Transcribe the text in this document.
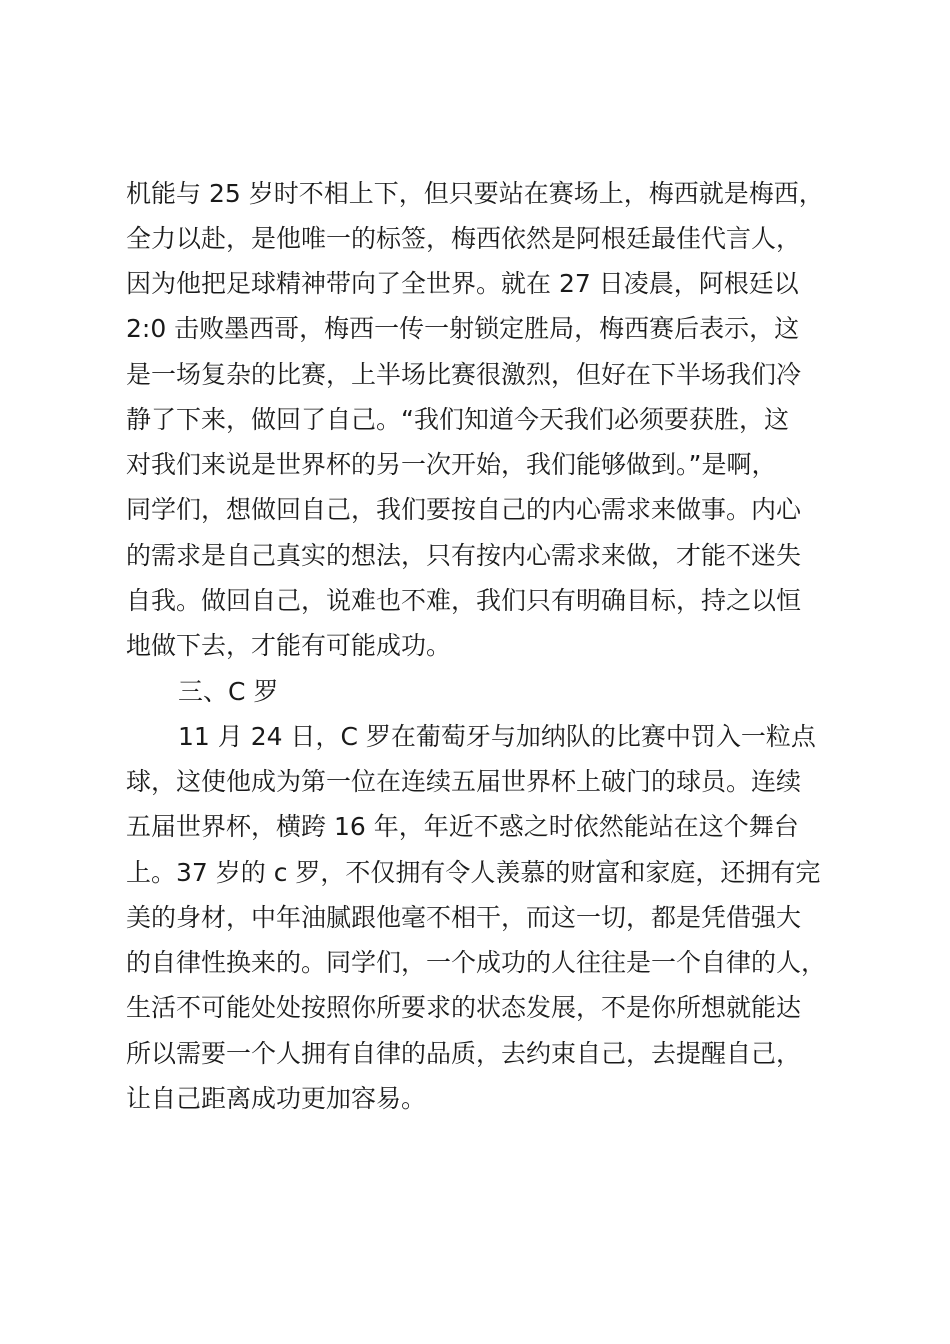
机能与 25 岁时不相上下，但只要站在赛场上，梅西就是梅西，
全力以赴，是他唯一的标签，梅西依然是阿根廷最佳代言人，
因为他把足球精神带向了全世界。就在 27 日凌晨，阿根廷以
2:0 击败墨西哥，梅西一传一射锁定胜局，梅西赛后表示，这
是一场复杂的比赛，上半场比赛很激烈，但好在下半场我们冷
静了下来，做回了自己。“我们知道今天我们必须要获胜，这
对我们来说是世界杯的另一次开始，我们能够做到。”是啊，
同学们，想做回自己，我们要按自己的内心需求来做事。内心
的需求是自己真实的想法，只有按内心需求来做，才能不迷失
自我。做回自己，说难也不难，我们只有明确目标，持之以恒
地做下去，才能有可能成功。
三、C 罗
11 月 24 日，C 罗在葡萄牙与加纳队的比赛中罚入一粒点
球，这使他成为第一位在连续五届世界杯上破门的球员。连续
五届世界杯，横跨 16 年，年近不惑之时依然能站在这个舞台
上。37 岁的 c 罗，不仅拥有令人羡慕的财富和家庭，还拥有完
美的身材，中年油腻跟他毫不相干，而这一切，都是凭借强大
的自律性换来的。同学们，一个成功的人往往是一个自律的人，
生活不可能处处按照你所要求的状态发展，不是你所想就能达
所以需要一个人拥有自律的品质，去约束自己，去提醒自己，
让自己距离成功更加容易。
